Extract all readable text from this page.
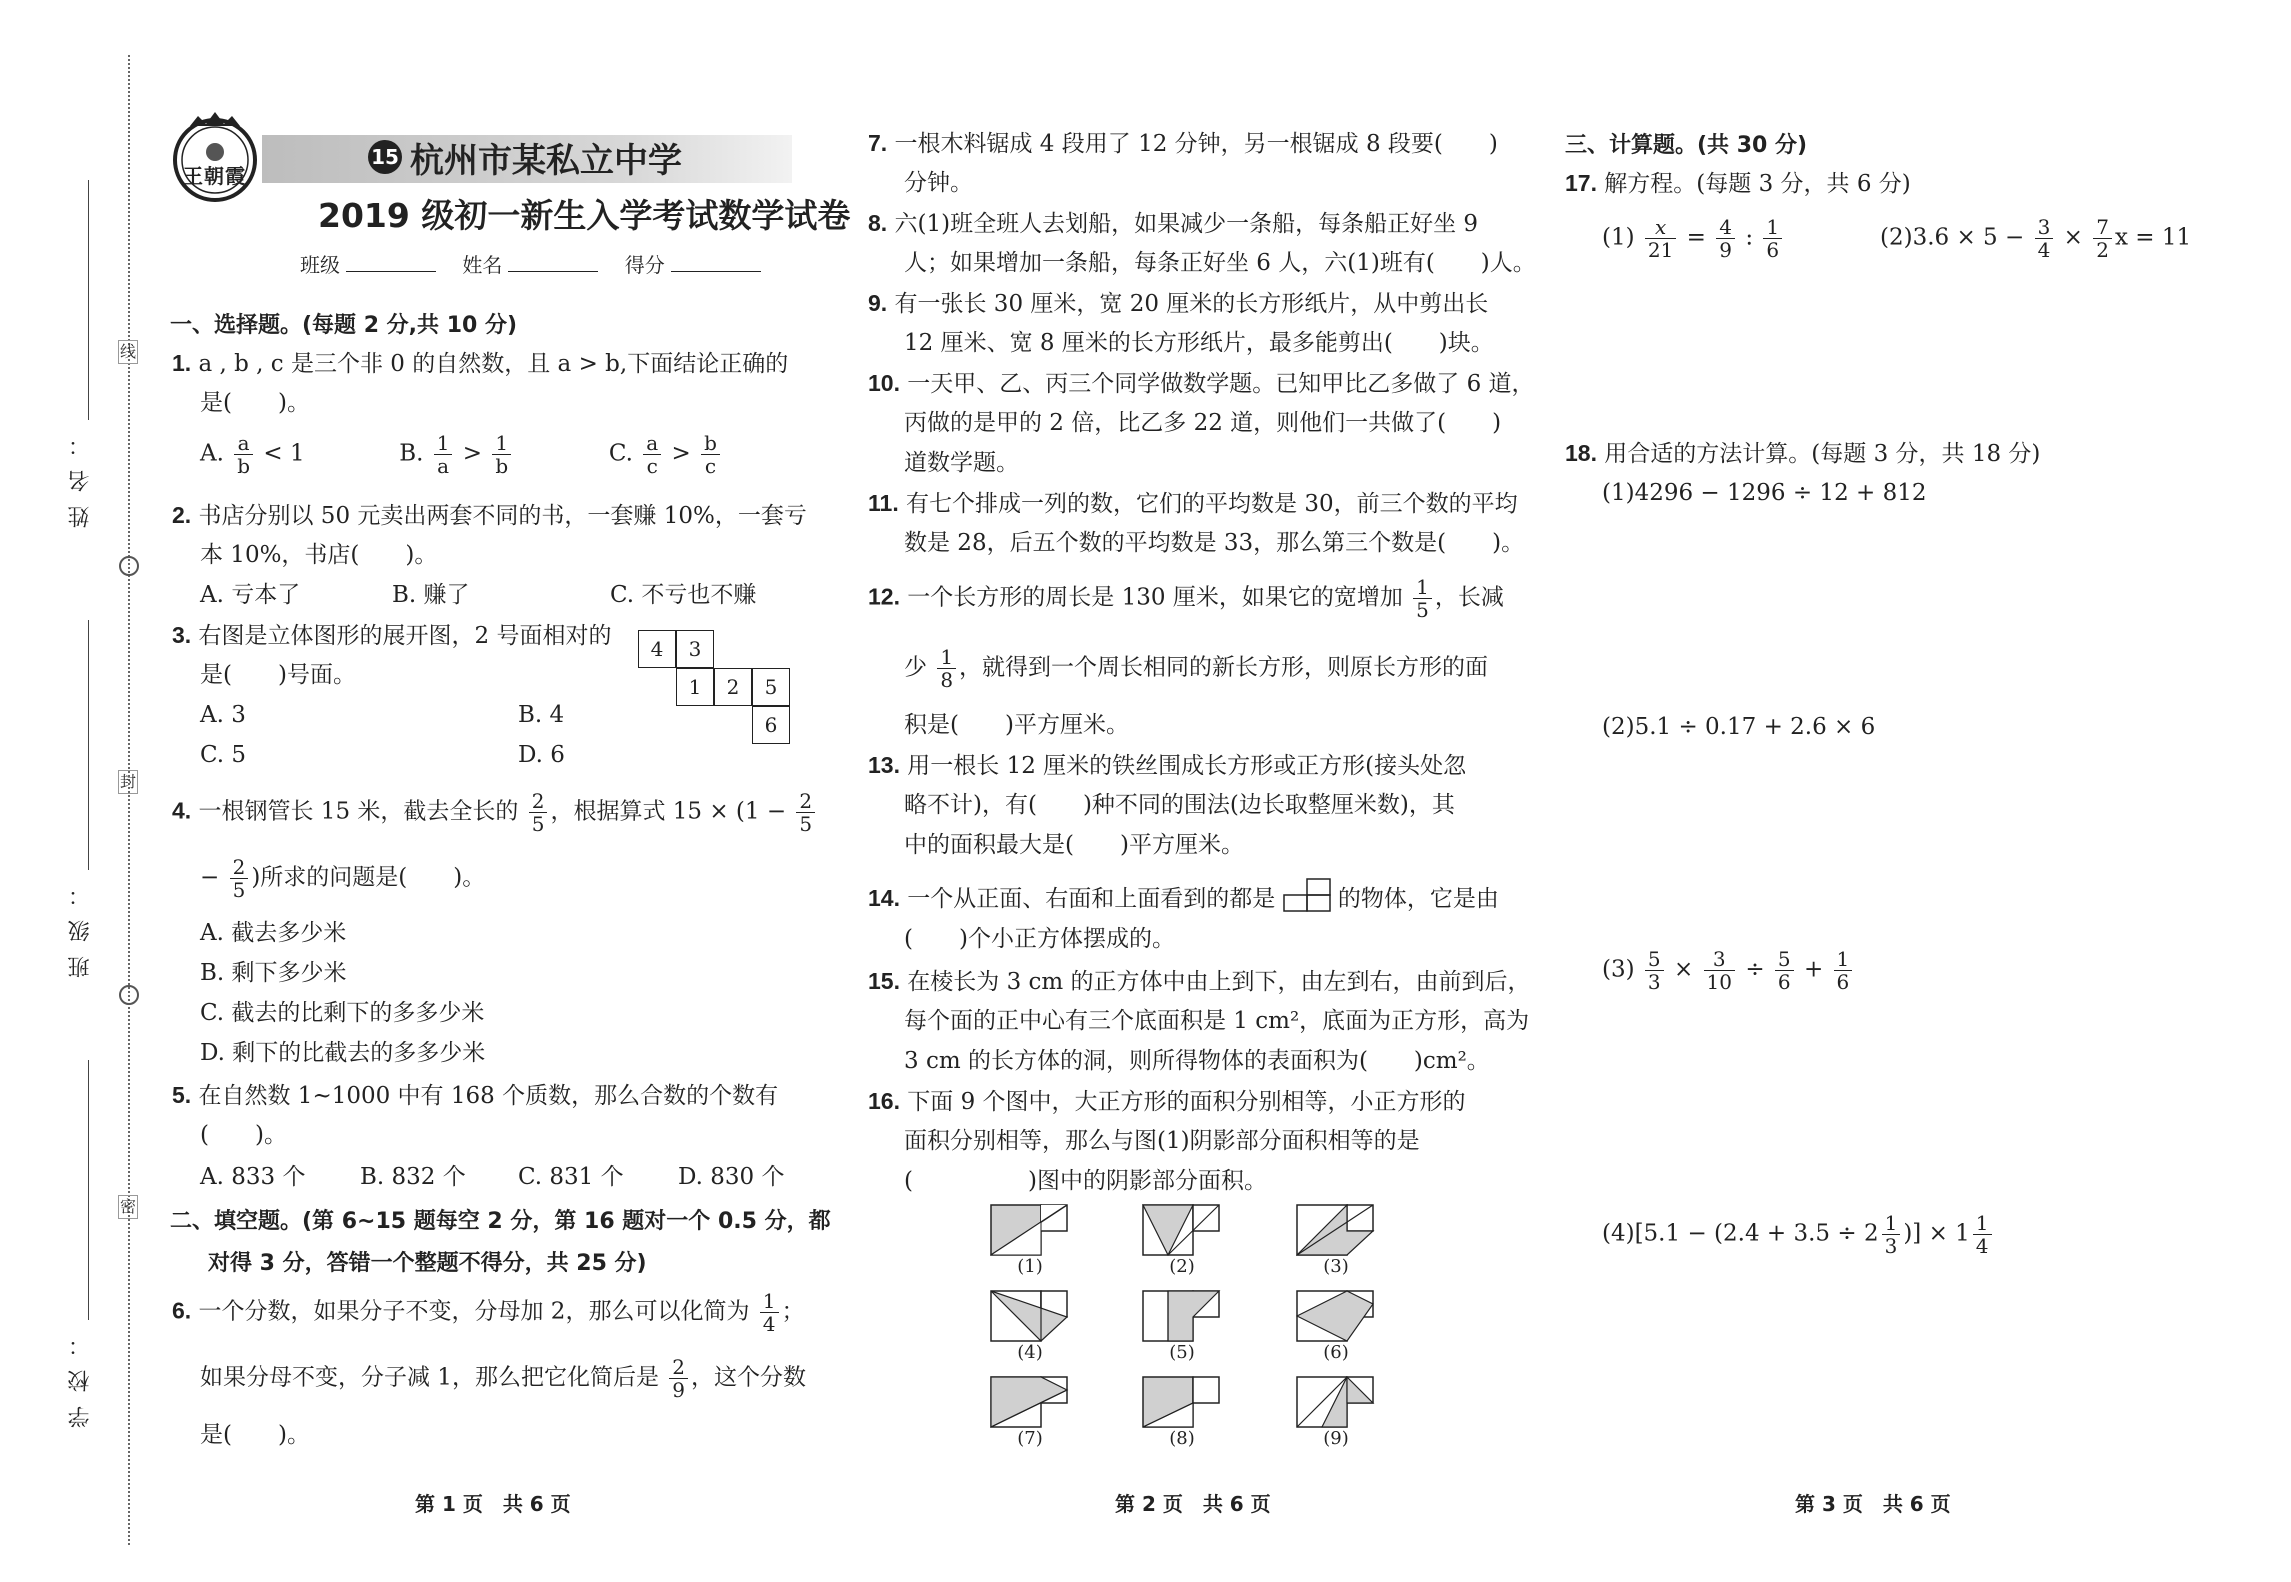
姓名：
班级：
学校：
线
封
密
王朝霞
15 杭州市某私立中学
2019 级初一新生入学考试数学试卷
班级	姓名	得分
一、选择题。(每题 2 分,共 10 分)
1. a , b , c 是三个非 0 的自然数，且 a > b,下面结论正确的
是(　　)。
A. $\frac{a}{b} < 1$	B. $\frac{1}{a} > \frac{1}{b}$	C. $\frac{a}{c} > \frac{b}{c}$
2. 书店分别以 50 元卖出两套不同的书，一套赚 10%，一套亏
本 10%，书店(　　)。
A. 亏本了	B. 赚了	C. 不亏也不赚
3. 右图是立体图形的展开图，2 号面相对的
是(　　)号面。
A. 3	B. 4
C. 5	D. 6
4	3
1	2	5
6
4. 一根钢管长 15 米，截去全长的 $\frac{2}{5}$ ，根据算式 $15 \times (1 - \frac{2}{5}$
− $\frac{2}{5}$ )所求的问题是(　　)。
A. 截去多少米
B. 剩下多少米
C. 截去的比剩下的多多少米
D. 剩下的比截去的多多少米
5. 在自然数 1~1000 中有 168 个质数，那么合数的个数有
(　　)。
A. 833 个 B. 832 个 C. 831 个 D. 830 个
二、填空题。(第 6~15 题每空 2 分，第 16 题对一个 0.5 分，都
对得 3 分，答错一个整题不得分，共 25 分)
6. 一个分数，如果分子不变，分母加 2，那么可以化简为 $\frac{1}{4}$ ；
如果分母不变，分子减 1，那么把它化简后是 $\frac{2}{9}$ ，这个分数
是(　　)。
第 1 页　共 6 页
7. 一根木料锯成 4 段用了 12 分钟，另一根锯成 8 段要(　　)
分钟。
8. 六(1)班全班人去划船，如果减少一条船，每条船正好坐 9
人；如果增加一条船，每条正好坐 6 人，六(1)班有(　　)人。
9. 有一张长 30 厘米，宽 20 厘米的长方形纸片，从中剪出长
12 厘米、宽 8 厘米的长方形纸片，最多能剪出(　　)块。
10. 一天甲、乙、丙三个同学做数学题。已知甲比乙多做了 6 道，
丙做的是甲的 2 倍，比乙多 22 道，则他们一共做了(　　)
道数学题。
11. 有七个排成一列的数，它们的平均数是 30，前三个数的平均
数是 28，后五个数的平均数是 33，那么第三个数是(　　)。
12. 一个长方形的周长是 130 厘米，如果它的宽增加 $\frac{1}{5}$ ，长减
少 $\frac{1}{8}$ ，就得到一个周长相同的新长方形，则原长方形的面
积是(　　)平方厘米。
13. 用一根长 12 厘米的铁丝围成长方形或正方形(接头处忽
略不计)，有(　　)种不同的围法(边长取整厘米数)，其
中的面积最大是(　　)平方厘米。
14. 一个从正面、右面和上面看到的都是	的物体，它是由
(　　)个小正方体摆成的。
15. 在棱长为 3 cm 的正方体中由上到下，由左到右，由前到后，
每个面的正中心有三个底面积是 1 cm²，底面为正方形，高为
3 cm 的长方体的洞，则所得物体的表面积为(　　)cm²。
16. 下面 9 个图中，大正方形的面积分别相等，小正方形的
面积分别相等，那么与图(1)阴影部分面积相等的是
(　　　　　)图中的阴影部分面积。
(1)	(2)	(3)
(4)	(5)	(6)
(7)	(8)	(9)
第 2 页　共 6 页
三、计算题。(共 30 分)
17. 解方程。(每题 3 分，共 6 分)
$(1) \frac{x}{21} = \frac{4}{9}$ : $\frac{1}{6}$	$(2)3.6 \times 5 - \frac{3}{4} \times \frac{7}{2}$ x = 11
18. 用合适的方法计算。(每题 3 分，共 18 分)
(1)4296 − 1296 ÷ 12 + 812
(2)5.1 ÷ 0.17 + 2.6 × 6
$(3) \frac{5}{3} \times \frac{3}{10} \div \frac{5}{6} + \frac{1}{6}$
$(4)[5.1 - (2.4 + 3.5 \div 2 \frac{1}{3}$ )] × $1 \frac{1}{4}$
第 3 页　共 6 页
